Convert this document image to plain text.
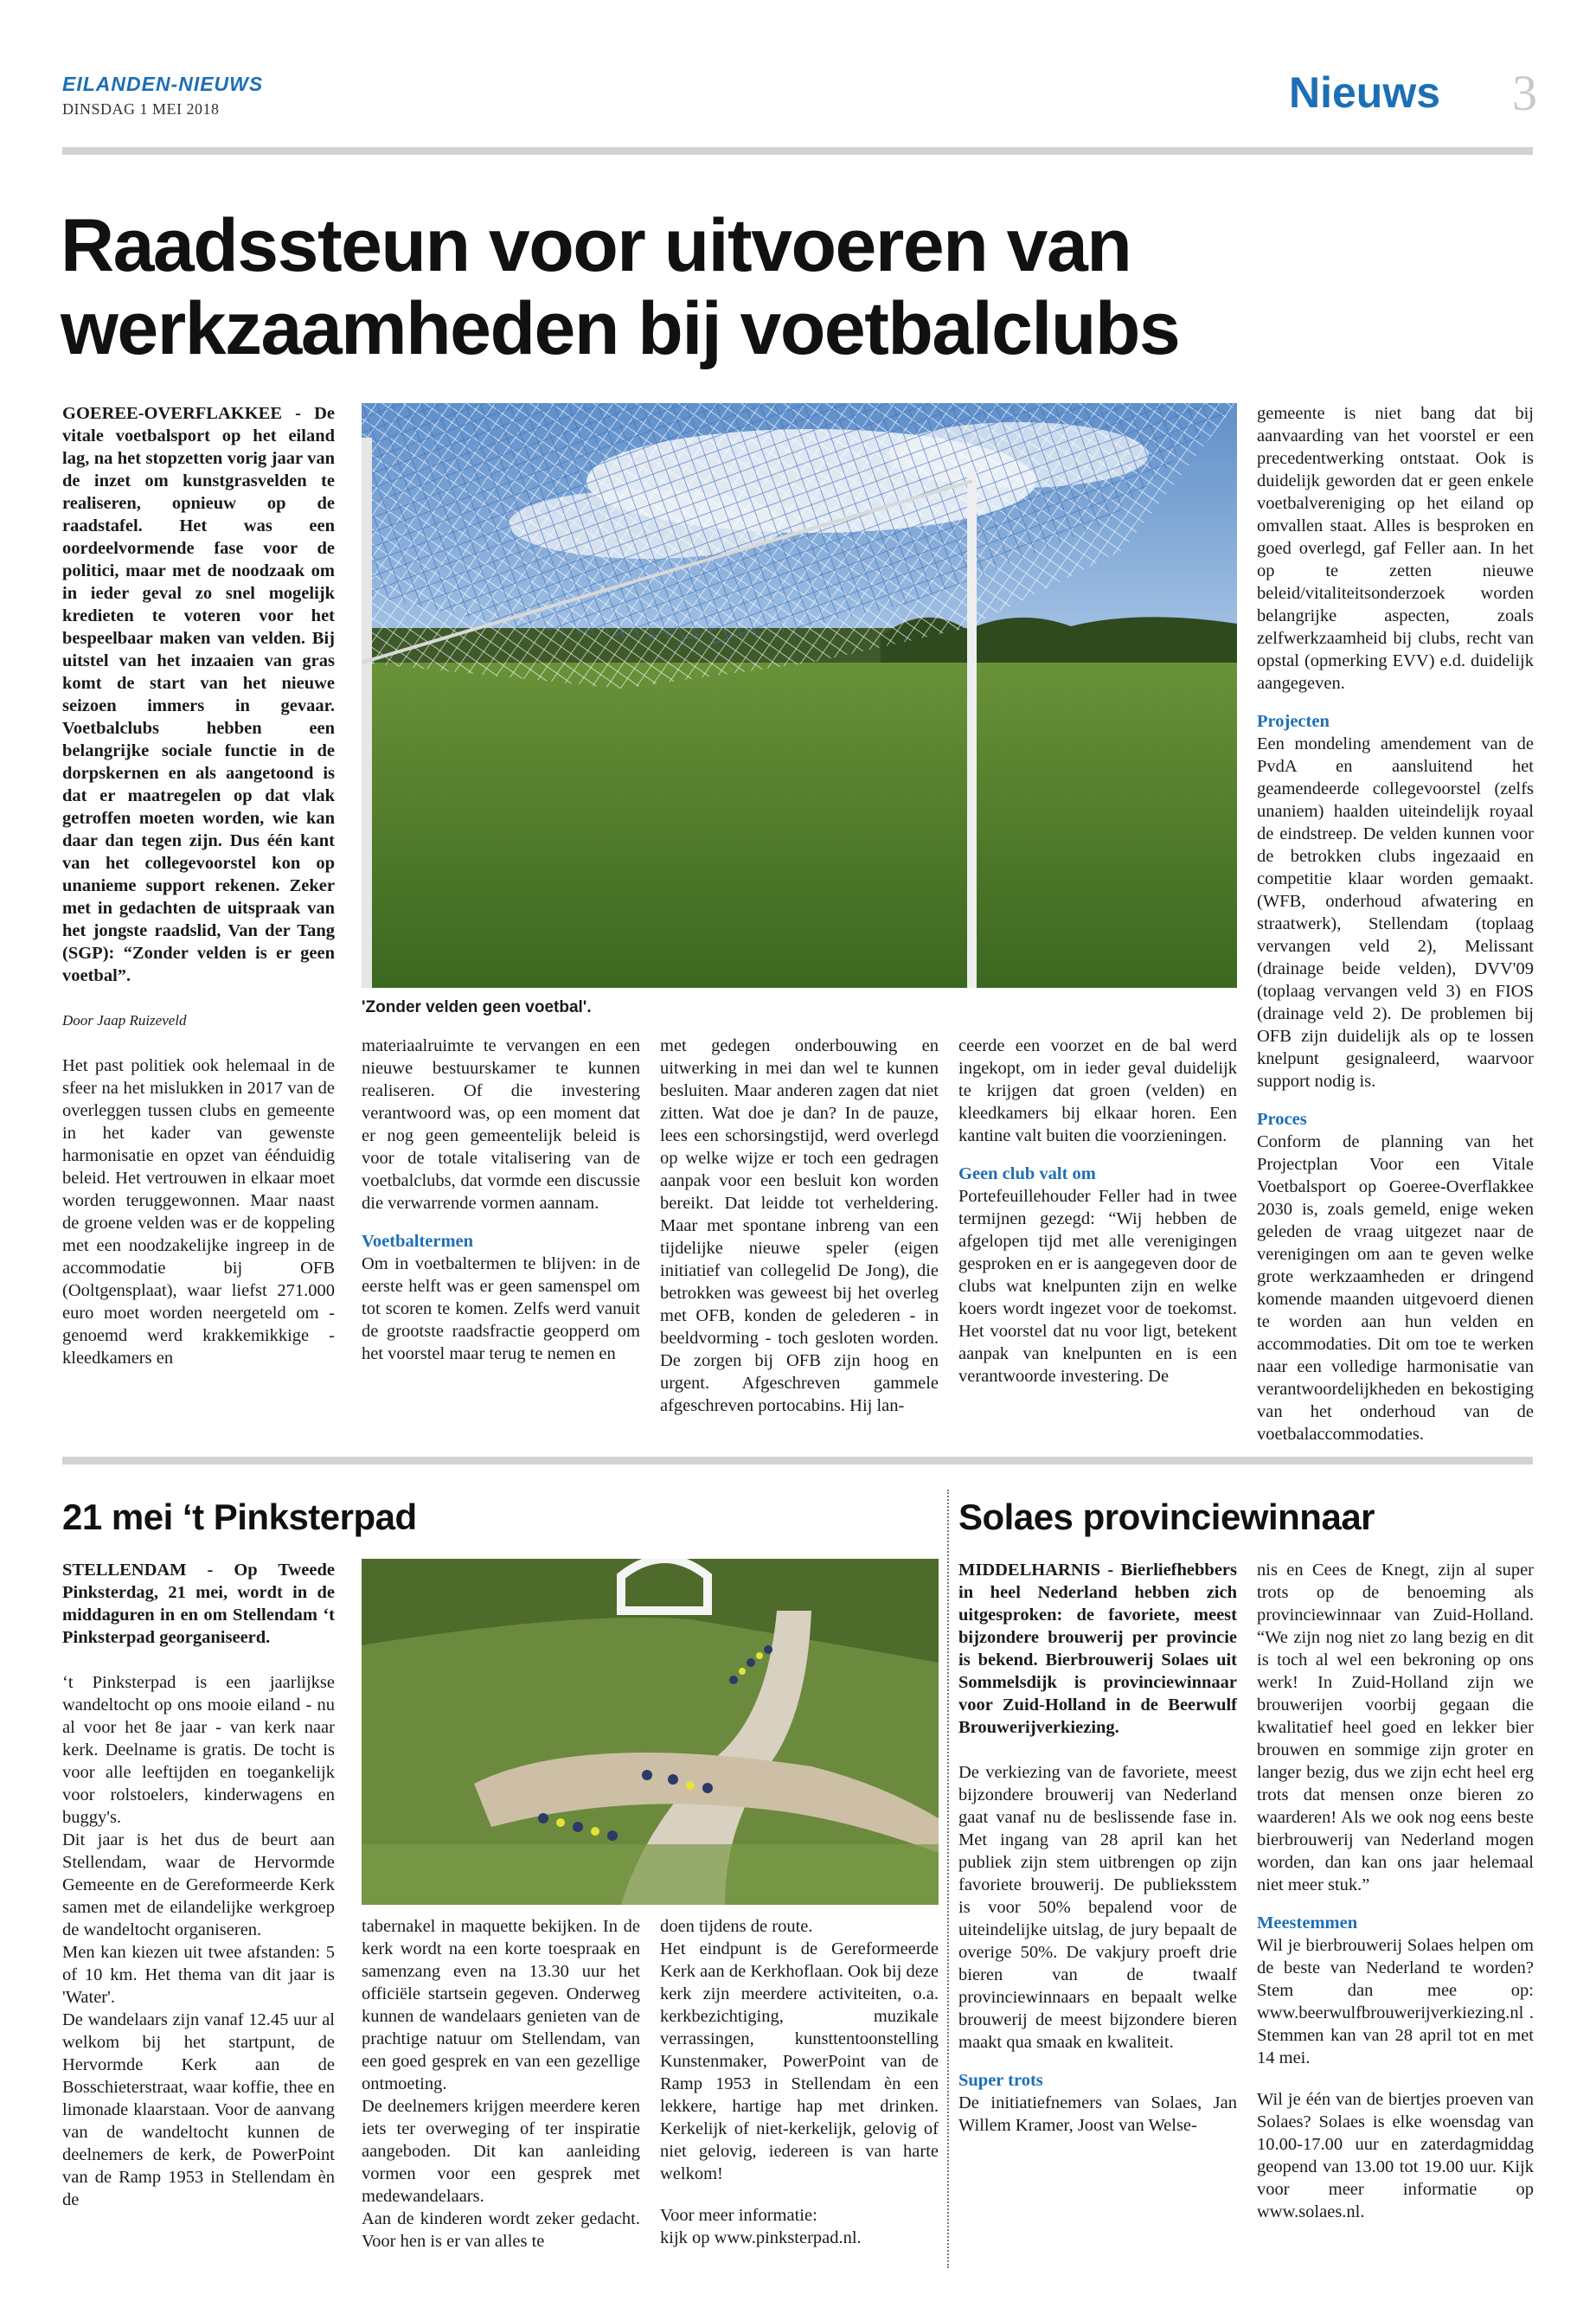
EILANDEN-NIEUWS
DINSDAG 1 MEI 2018	Nieuws 3
Raadssteun voor uitvoeren van
werkzaamheden bij voetbalclubs

GOEREE-OVERFLAKKEE - De vitale voetbalsport op het eiland lag, na het stopzetten vorig jaar van de inzet om kunstgrasvelden te realiseren, opnieuw op de raadstafel. Het was een oordeelvormende fase voor de politici, maar met de noodzaak om in ieder geval zo snel mogelijk kredieten te voteren voor het bespeelbaar maken van velden. Bij uitstel van het inzaaien van gras komt de start van het nieuwe seizoen immers in gevaar. Voetbalclubs hebben een belangrijke sociale functie in de dorpskernen en als aangetoond is dat er maatregelen op dat vlak getroffen moeten worden, wie kan daar dan tegen zijn. Dus één kant van het collegevoorstel kon op unanieme support rekenen. Zeker met in gedachten de uitspraak van het jongste raadslid, Van der Tang (SGP): “Zonder velden is er geen voetbal”.

Door Jaap Ruizeveld

Het past politiek ook helemaal in de sfeer na het mislukken in 2017 van de overleggen tussen clubs en gemeente in het kader van gewenste harmonisatie en opzet van éénduidig beleid. Het vertrouwen in elkaar moet worden teruggewonnen. Maar naast de groene velden was er de koppeling met een noodzakelijke ingreep in de accommodatie bij OFB (Ooltgensplaat), waar liefst 271.000 euro moet worden neergeteld om - genoemd werd krakkemikkige - kleedkamers en

'Zonder velden geen voetbal'.

materiaalruimte te vervangen en een nieuwe bestuurskamer te kunnen realiseren. Of die investering verantwoord was, op een moment dat er nog geen gemeentelijk beleid is voor de totale vitalisering van de voetbalclubs, dat vormde een discussie die verwarrende vormen aannam.

Voetbaltermen

Om in voetbaltermen te blijven: in de eerste helft was er geen samenspel om tot scoren te komen. Zelfs werd vanuit de grootste raadsfractie geopperd om het voorstel maar terug te nemen en

met gedegen onderbouwing en uitwerking in mei dan wel te kunnen besluiten. Maar anderen zagen dat niet zitten. Wat doe je dan? In de pauze, lees een schorsingstijd, werd overlegd op welke wijze er toch een gedragen aanpak voor een besluit kon worden bereikt. Dat leidde tot verheldering. Maar met spontane inbreng van een tijdelijke nieuwe speler (eigen initiatief van collegelid De Jong), die betrokken was geweest bij het overleg met OFB, konden de gelederen - in beeldvorming - toch gesloten worden. De zorgen bij OFB zijn hoog en urgent. Afgeschreven gammele afgeschreven portocabins. Hij lan-

ceerde een voorzet en de bal werd ingekopt, om in ieder geval duidelijk te krijgen dat groen (velden) en kleedkamers bij elkaar horen. Een kantine valt buiten die voorzieningen.

Geen club valt om

Portefeuillehouder Feller had in twee termijnen gezegd: “Wij hebben de afgelopen tijd met alle verenigingen gesproken en er is aangegeven door de clubs wat knelpunten zijn en welke koers wordt ingezet voor de toekomst. Het voorstel dat nu voor ligt, betekent aanpak van knelpunten en is een verantwoorde investering. De

gemeente is niet bang dat bij aanvaarding van het voorstel er een precedentwerking ontstaat. Ook is duidelijk geworden dat er geen enkele voetbalvereniging op het eiland op omvallen staat. Alles is besproken en goed overlegd, gaf Feller aan. In het op te zetten nieuwe beleid/vitaliteitsonderzoek worden belangrijke aspecten, zoals zelfwerkzaamheid bij clubs, recht van opstal (opmerking EVV) e.d. duidelijk aangegeven.

Projecten

Een mondeling amendement van de PvdA en aansluitend het geamendeerde collegevoorstel (zelfs unaniem) haalden uiteindelijk royaal de eindstreep. De velden kunnen voor de betrokken clubs ingezaaid en competitie klaar worden gemaakt. (WFB, onderhoud afwatering en straatwerk), Stellendam (toplaag vervangen veld 2), Melissant (drainage beide velden), DVV'09 (toplaag vervangen veld 3) en FIOS (drainage veld 2). De problemen bij OFB zijn duidelijk als op te lossen knelpunt gesignaleerd, waarvoor support nodig is.

Proces

Conform de planning van het Projectplan Voor een Vitale Voetbalsport op Goeree-Overflakkee 2030 is, zoals gemeld, enige weken geleden de vraag uitgezet naar de verenigingen om aan te geven welke grote werkzaamheden er dringend komende maanden uitgevoerd dienen te worden aan hun velden en accommodaties. Dit om toe te werken naar een volledige harmonisatie van verantwoordelijkheden en bekostiging van het onderhoud van de voetbalaccommodaties.

21 mei ‘t Pinksterpad

STELLENDAM - Op Tweede Pinksterdag, 21 mei, wordt in de middaguren in en om Stellendam ‘t Pinksterpad georganiseerd.

‘t Pinksterpad is een jaarlijkse wandeltocht op ons mooie eiland - nu al voor het 8e jaar - van kerk naar kerk. Deelname is gratis. De tocht is voor alle leeftijden en toegankelijk voor rolstoelers, kinderwagens en buggy's.

Dit jaar is het dus de beurt aan Stellendam, waar de Hervormde Gemeente en de Gereformeerde Kerk samen met de eilandelijke werkgroep de wandeltocht organiseren.

Men kan kiezen uit twee afstanden: 5 of 10 km. Het thema van dit jaar is 'Water'.

De wandelaars zijn vanaf 12.45 uur al welkom bij het startpunt, de Hervormde Kerk aan de Bosschieterstraat, waar koffie, thee en limonade klaarstaan. Voor de aanvang van de wandeltocht kunnen de deelnemers de kerk, de PowerPoint van de Ramp 1953 in Stellendam èn de

tabernakel in maquette bekijken. In de kerk wordt na een korte toespraak en samenzang even na 13.30 uur het officiële startsein gegeven. Onderweg kunnen de wandelaars genieten van de prachtige natuur om Stellendam, van een goed gesprek en van een gezellige ontmoeting.

De deelnemers krijgen meerdere keren iets ter overweging of ter inspiratie aangeboden. Dit kan aanleiding vormen voor een gesprek met medewandelaars.

Aan de kinderen wordt zeker gedacht. Voor hen is er van alles te

doen tijdens de route.

Het eindpunt is de Gereformeerde Kerk aan de Kerkhoflaan. Ook bij deze kerk zijn meerdere activiteiten, o.a. kerkbezichtiging, muzikale verrassingen, kunsttentoonstelling Kunstenmaker, PowerPoint van de Ramp 1953 in Stellendam èn een lekkere, hartige hap met drinken. Kerkelijk of niet-kerkelijk, gelovig of niet gelovig, iedereen is van harte welkom!

Voor meer informatie:

kijk op www.pinksterpad.nl.

Solaes provinciewinnaar

MIDDELHARNIS - Bierliefhebbers in heel Nederland hebben zich uitgesproken: de favoriete, meest bijzondere brouwerij per provincie is bekend. Bierbrouwerij Solaes uit Sommelsdijk is provinciewinnaar voor Zuid-Holland in de Beerwulf Brouwerijverkiezing.

De verkiezing van de favoriete, meest bijzondere brouwerij van Nederland gaat vanaf nu de beslissende fase in. Met ingang van 28 april kan het publiek zijn stem uitbrengen op zijn favoriete brouwerij. De publieksstem is voor 50% bepalend voor de uiteindelijke uitslag, de jury bepaalt de overige 50%. De vakjury proeft drie bieren van de twaalf provinciewinnaars en bepaalt welke brouwerij de meest bijzondere bieren maakt qua smaak en kwaliteit.

Super trots

De initiatiefnemers van Solaes, Jan Willem Kramer, Joost van Welse-

nis en Cees de Knegt, zijn al super trots op de benoeming als provinciewinnaar van Zuid-Holland. “We zijn nog niet zo lang bezig en dit is toch al wel een bekroning op ons werk! In Zuid-Holland zijn we brouwerijen voorbij gegaan die kwalitatief heel goed en lekker bier brouwen en sommige zijn groter en langer bezig, dus we zijn echt heel erg trots dat mensen onze bieren zo waarderen! Als we ook nog eens beste bierbrouwerij van Nederland mogen worden, dan kan ons jaar helemaal niet meer stuk.”

Meestemmen

Wil je bierbrouwerij Solaes helpen om de beste van Nederland te worden? Stem dan mee op: www.beerwulfbrouwerijverkiezing.nl . Stemmen kan van 28 april tot en met 14 mei.

Wil je één van de biertjes proeven van Solaes? Solaes is elke woensdag van 10.00-17.00 uur en zaterdagmiddag geopend van 13.00 tot 19.00 uur. Kijk voor meer informatie op www.solaes.nl.
